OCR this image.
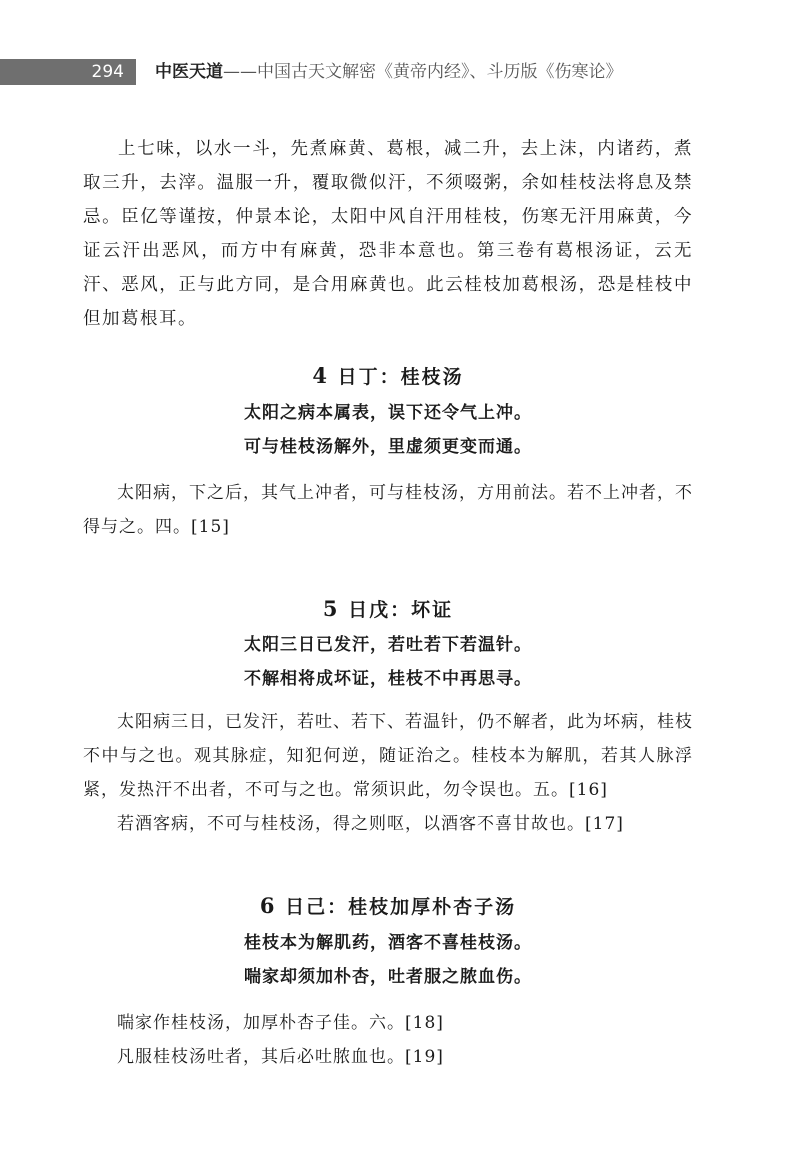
294	中医天道——中国古天文解密《黄帝内经》、斗历版《伤寒论》

上七味，以水一斗，先煮麻黄、葛根，减二升，去上沫，内诸药，煮取三升，去滓。温服一升，覆取微似汗，不须啜粥，余如桂枝法将息及禁忌。臣亿等谨按，仲景本论，太阳中风自汗用桂枝，伤寒无汗用麻黄，今证云汗出恶风，而方中有麻黄，恐非本意也。第三卷有葛根汤证，云无汗、恶风，正与此方同，是合用麻黄也。此云桂枝加葛根汤，恐是桂枝中但加葛根耳。

4 日丁：桂枝汤
太阳之病本属表，误下还令气上冲。
可与桂枝汤解外，里虚须更变而通。

太阳病，下之后，其气上冲者，可与桂枝汤，方用前法。若不上冲者，不得与之。四。[15]

5 日戊：坏证
太阳三日已发汗，若吐若下若温针。
不解相将成坏证，桂枝不中再思寻。

太阳病三日，已发汗，若吐、若下、若温针，仍不解者，此为坏病，桂枝不中与之也。观其脉症，知犯何逆，随证治之。桂枝本为解肌，若其人脉浮紧，发热汗不出者，不可与之也。常须识此，勿令误也。五。[16]

若酒客病，不可与桂枝汤，得之则呕，以酒客不喜甘故也。[17]

6 日己：桂枝加厚朴杏子汤
桂枝本为解肌药，酒客不喜桂枝汤。
喘家却须加朴杏，吐者服之脓血伤。

喘家作桂枝汤，加厚朴杏子佳。六。[18]

凡服桂枝汤吐者，其后必吐脓血也。[19]
